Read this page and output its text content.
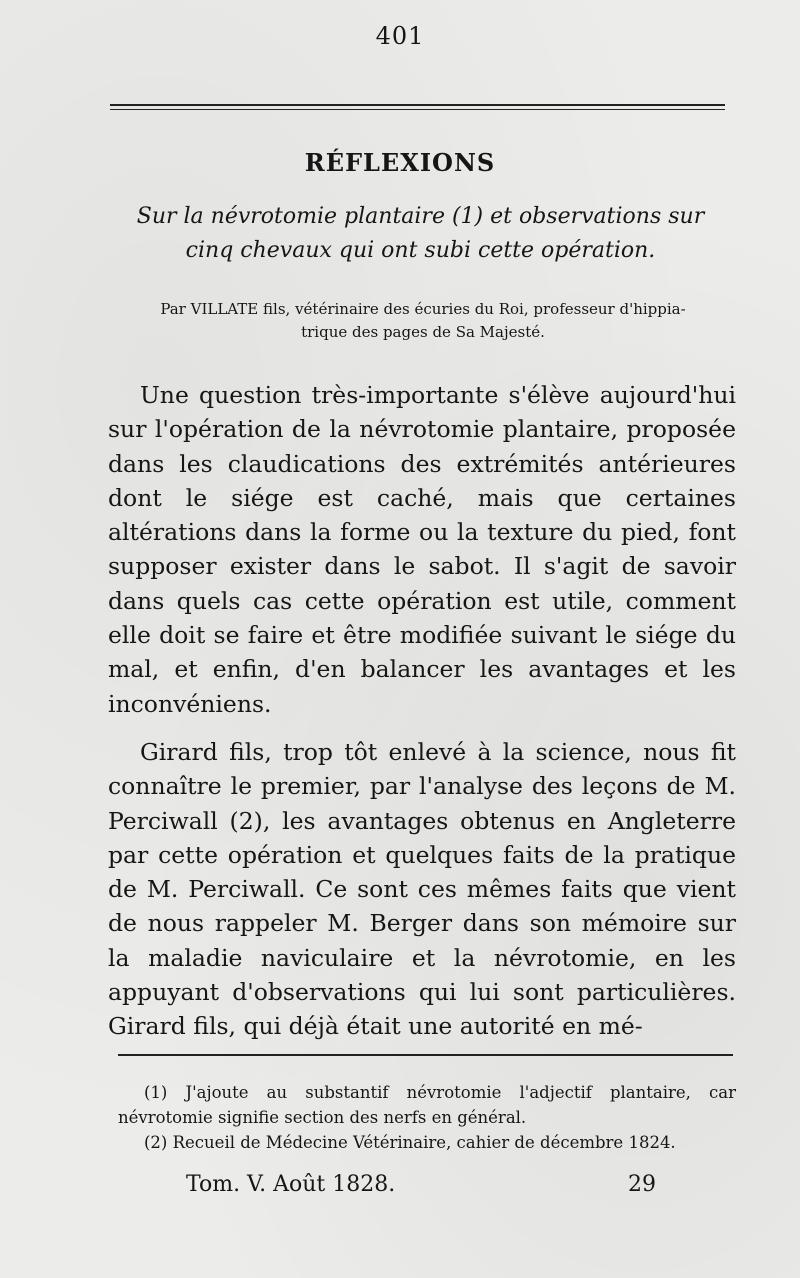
401
RÉFLEXIONS
Sur la névrotomie plantaire (1) et observations sur
cinq chevaux qui ont subi cette opération.
Par VILLATE fils, vétérinaire des écuries du Roi, professeur d'hippia-
trique des pages de Sa Majesté.

Une question très-importante s'élève aujourd'hui sur l'opération de la névrotomie plantaire, proposée dans les claudications des extrémités antérieures dont le siége est caché, mais que certaines altérations dans la forme ou la texture du pied, font supposer exister dans le sabot. Il s'agit de savoir dans quels cas cette opération est utile, comment elle doit se faire et être modifiée suivant le siége du mal, et enfin, d'en balancer les avantages et les inconvéniens.

Girard fils, trop tôt enlevé à la science, nous fit connaître le premier, par l'analyse des leçons de M. Perciwall (2), les avantages obtenus en Angleterre par cette opération et quelques faits de la pratique de M. Perciwall. Ce sont ces mêmes faits que vient de nous rappeler M. Berger dans son mémoire sur la maladie naviculaire et la névrotomie, en les appuyant d'observations qui lui sont particulières. Girard fils, qui déjà était une autorité en mé-

(1) J'ajoute au substantif névrotomie l'adjectif plantaire, car névrotomie signifie section des nerfs en général.

(2) Recueil de Médecine Vétérinaire, cahier de décembre 1824.

Tom. V. Août 1828.	29
